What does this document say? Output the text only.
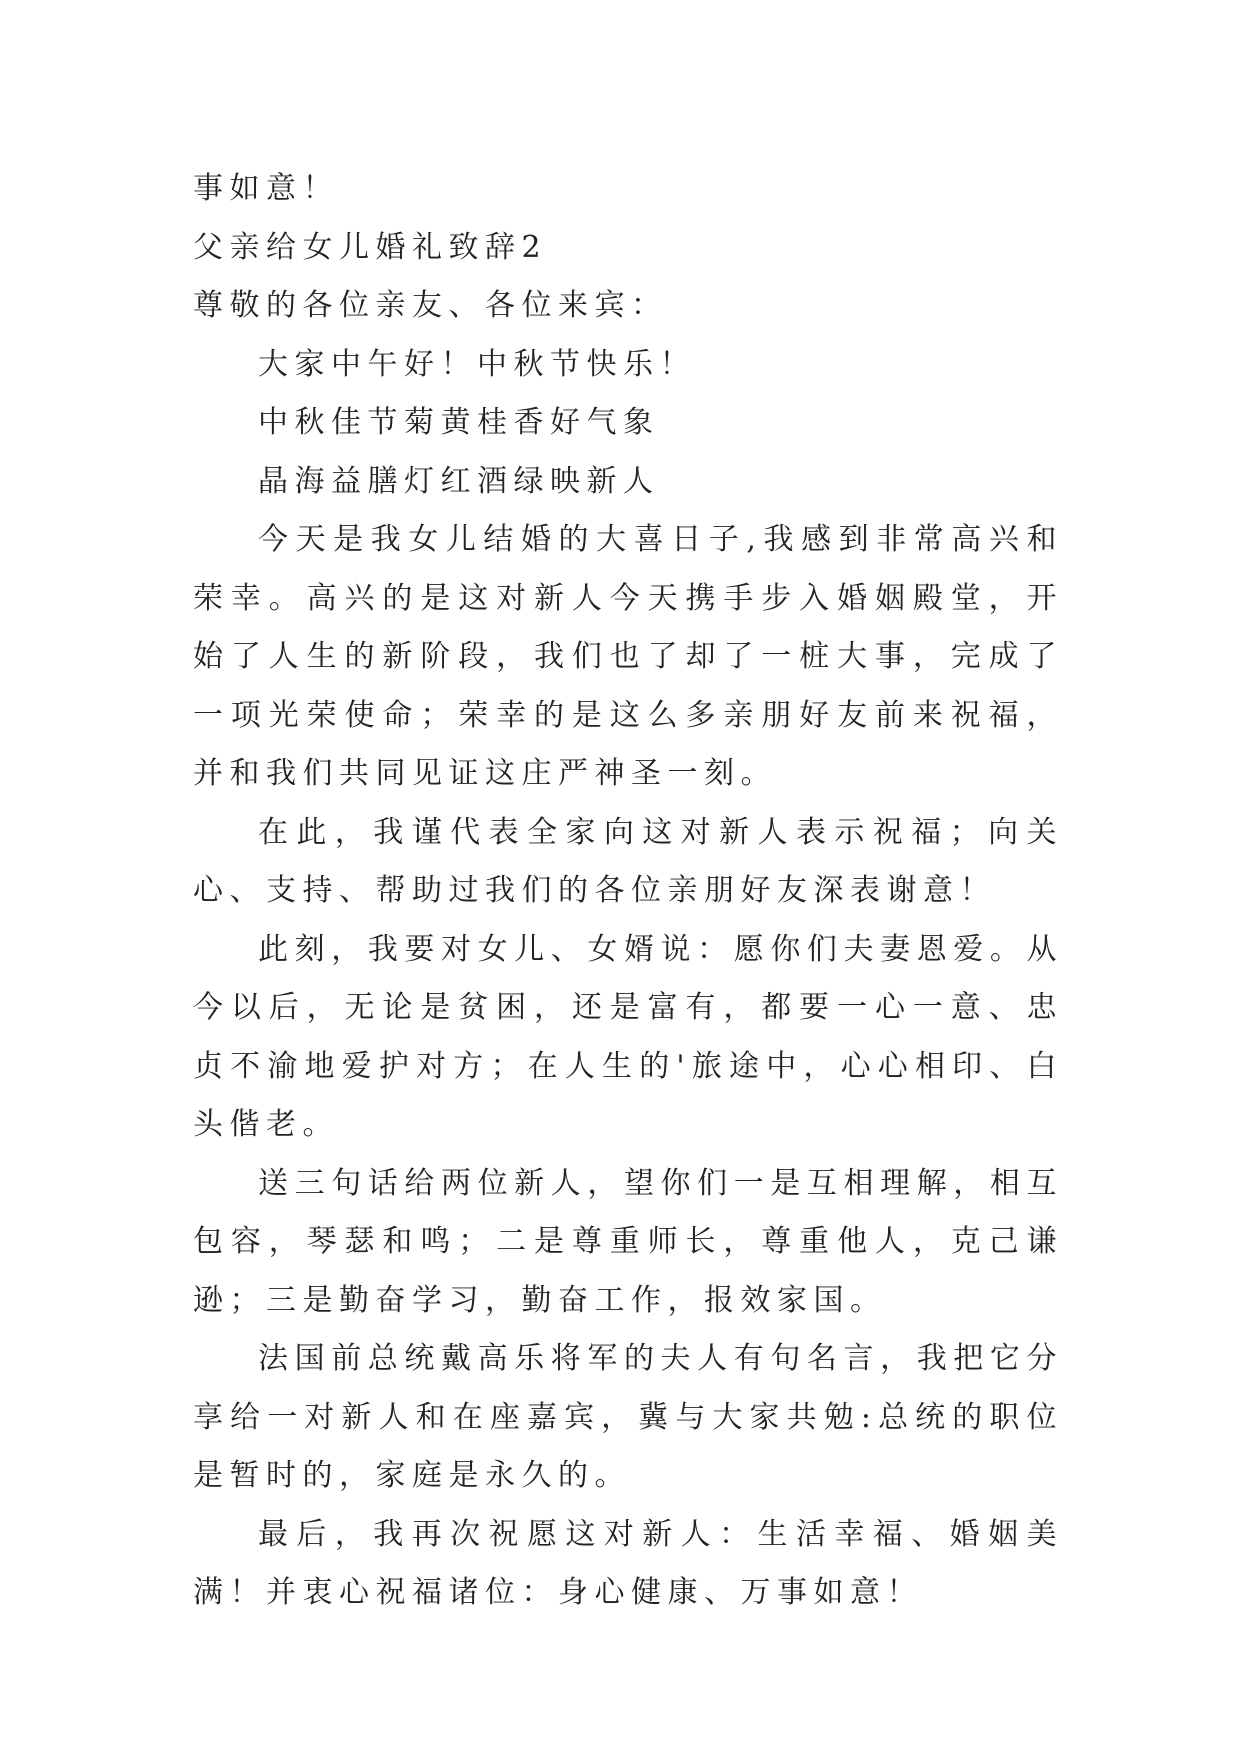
事如意！

父亲给女儿婚礼致辞2

尊敬的各位亲友、各位来宾：

大家中午好！中秋节快乐！

中秋佳节菊黄桂香好气象

晶海益膳灯红酒绿映新人

今天是我女儿结婚的大喜日子,我感到非常高兴和荣幸。高兴的是这对新人今天携手步入婚姻殿堂，开始了人生的新阶段，我们也了却了一桩大事，完成了一项光荣使命；荣幸的是这么多亲朋好友前来祝福，并和我们共同见证这庄严神圣一刻。

在此，我谨代表全家向这对新人表示祝福；向关心、支持、帮助过我们的各位亲朋好友深表谢意！

此刻，我要对女儿、女婿说：愿你们夫妻恩爱。从今以后，无论是贫困，还是富有，都要一心一意、忠贞不渝地爱护对方；在人生的'旅途中，心心相印、白头偕老。

送三句话给两位新人，望你们一是互相理解，相互包容，琴瑟和鸣；二是尊重师长，尊重他人，克己谦逊；三是勤奋学习，勤奋工作，报效家国。

法国前总统戴高乐将军的夫人有句名言，我把它分享给一对新人和在座嘉宾，冀与大家共勉:总统的职位是暂时的，家庭是永久的。

最后，我再次祝愿这对新人：生活幸福、婚姻美满！并衷心祝福诸位：身心健康、万事如意！
